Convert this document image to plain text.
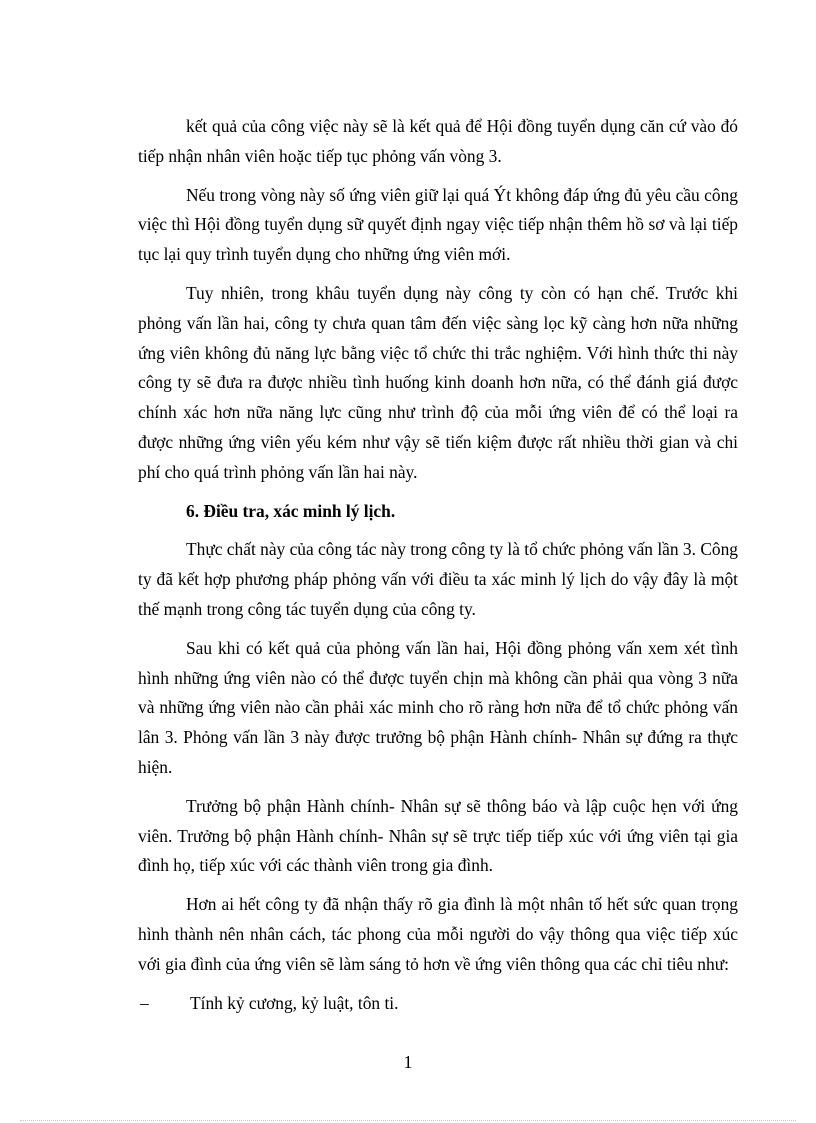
kết quả của công việc này sẽ là kết quả để Hội đồng tuyển dụng căn cứ vào đó tiếp nhận nhân viên hoặc tiếp tục phỏng vấn vòng 3.

Nếu trong vòng này số ứng viên giữ lại quá Ýt không đáp ứng đủ yêu cầu công việc thì Hội đồng tuyển dụng sữ quyết định ngay việc tiếp nhận thêm hồ sơ và lại tiếp tục lại quy trình tuyển dụng cho những ứng viên mới.

Tuy nhiên, trong khâu tuyển dụng này công ty còn có hạn chế. Trước khi phỏng vấn lần hai, công ty chưa quan tâm đến việc sàng lọc kỹ càng hơn nữa những ứng viên không đủ năng lực bằng việc tổ chức thi trắc nghiệm. Với hình thức thi này công ty sẽ đưa ra được nhiều tình huống kinh doanh hơn nữa, có thể đánh giá được chính xác hơn nữa năng lực cũng như trình độ của mỗi ứng viên để có thể loại ra được những ứng viên yếu kém như vậy sẽ tiến kiệm được rất nhiều thời gian và chi phí cho quá trình phỏng vấn lần hai này.

6. Điều tra, xác minh lý lịch.

Thực chất này của công tác này trong công ty là tổ chức phỏng vấn lần 3. Công ty đã kết hợp phương pháp phỏng vấn với điều ta xác minh lý lịch do vậy đây là một thế mạnh trong công tác tuyển dụng của công ty.

Sau khi có kết quả của phỏng vấn lần hai, Hội đồng phỏng vấn xem xét tình hình những ứng viên nào có thể được tuyển chịn mà không cần phải qua vòng 3 nữa và những ứng viên nào cần phải xác minh cho rõ ràng hơn nữa để tổ chức phỏng vấn lân 3. Phỏng vấn lần 3 này được trưởng bộ phận Hành chính- Nhân sự đứng ra thực hiện.

Trưởng bộ phận Hành chính- Nhân sự sẽ thông báo và lập cuộc hẹn với ứng viên. Trưởng bộ phận Hành chính- Nhân sự sẽ trực tiếp tiếp xúc với ứng viên tại gia đình họ, tiếp xúc với các thành viên trong gia đình.

Hơn ai hết công ty đã nhận thấy rõ gia đình là một nhân tố hết sức quan trọng hình thành nên nhân cách, tác phong của mỗi người do vậy thông qua việc tiếp xúc với gia đình của ứng viên sẽ làm sáng tỏ hơn về ứng viên thông qua các chỉ tiêu như:

–	Tính kỷ cương, kỷ luật, tôn ti.
1
